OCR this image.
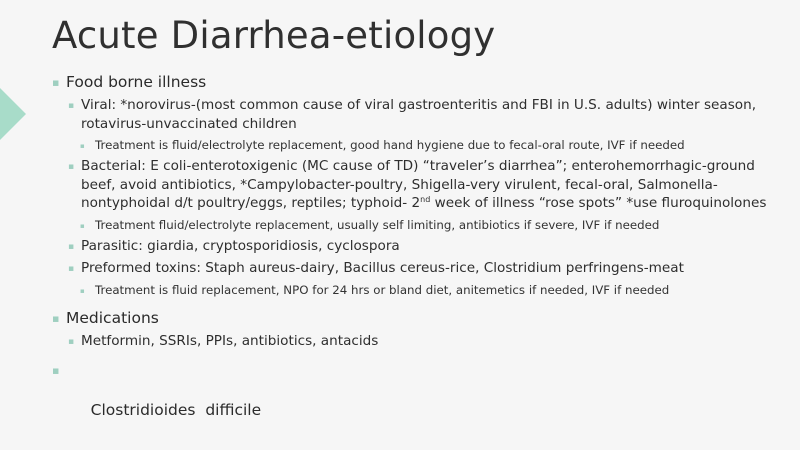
Acute Diarrhea-etiology
▪ Food borne illness
▪ Viral: *norovirus-(most common cause of viral gastroenteritis and FBI in U.S. adults) winter season, rotavirus-unvaccinated children
▪ Treatment is fluid/electrolyte replacement, good hand hygiene due to fecal-oral route, IVF if needed
▪ Bacterial: E coli-enterotoxigenic (MC cause of TD) “traveler’s diarrhea”; enterohemorrhagic-ground beef, avoid antibiotics, *Campylobacter-poultry, Shigella-very virulent, fecal-oral, Salmonella-nontyphoidal d/t poultry/eggs, reptiles; typhoid- 2nd week of illness “rose spots” *use fluroquinolones
▪ Treatment fluid/electrolyte replacement, usually self limiting, antibiotics if severe, IVF if needed
▪ Parasitic: giardia, cryptosporidiosis, cyclospora
▪ Preformed toxins: Staph aureus-dairy, Bacillus cereus-rice, Clostridium perfringens-meat
▪ Treatment is fluid replacement, NPO for 24 hrs or bland diet, anitemetics if needed, IVF if needed
▪ Medications
▪ Metformin, SSRIs, PPIs, antibiotics, antacids

▪

Clostridioides  difficile
